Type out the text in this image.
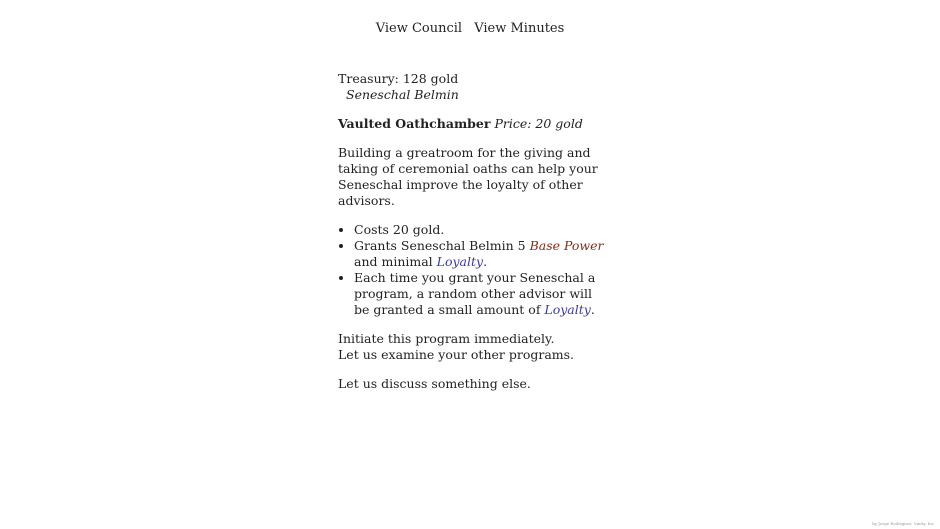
View Council View Minutes

Treasury: 128 gold

Seneschal Belmin

Vaulted Oathchamber Price: 20 gold

Building a greatroom for the giving and taking of ceremonial oaths can help your Seneschal improve the loyalty of other advisors.

• Costs 20 gold.
• Grants Seneschal Belmin 5 Base Power and minimal Loyalty.
• Each time you grant your Seneschal a program, a random other advisor will be granted a small amount of Loyalty.
Initiate this program immediately.
Let us examine your other programs.
Let us discuss something else.
by Jorge Rodriguez, Vinity, Inc
